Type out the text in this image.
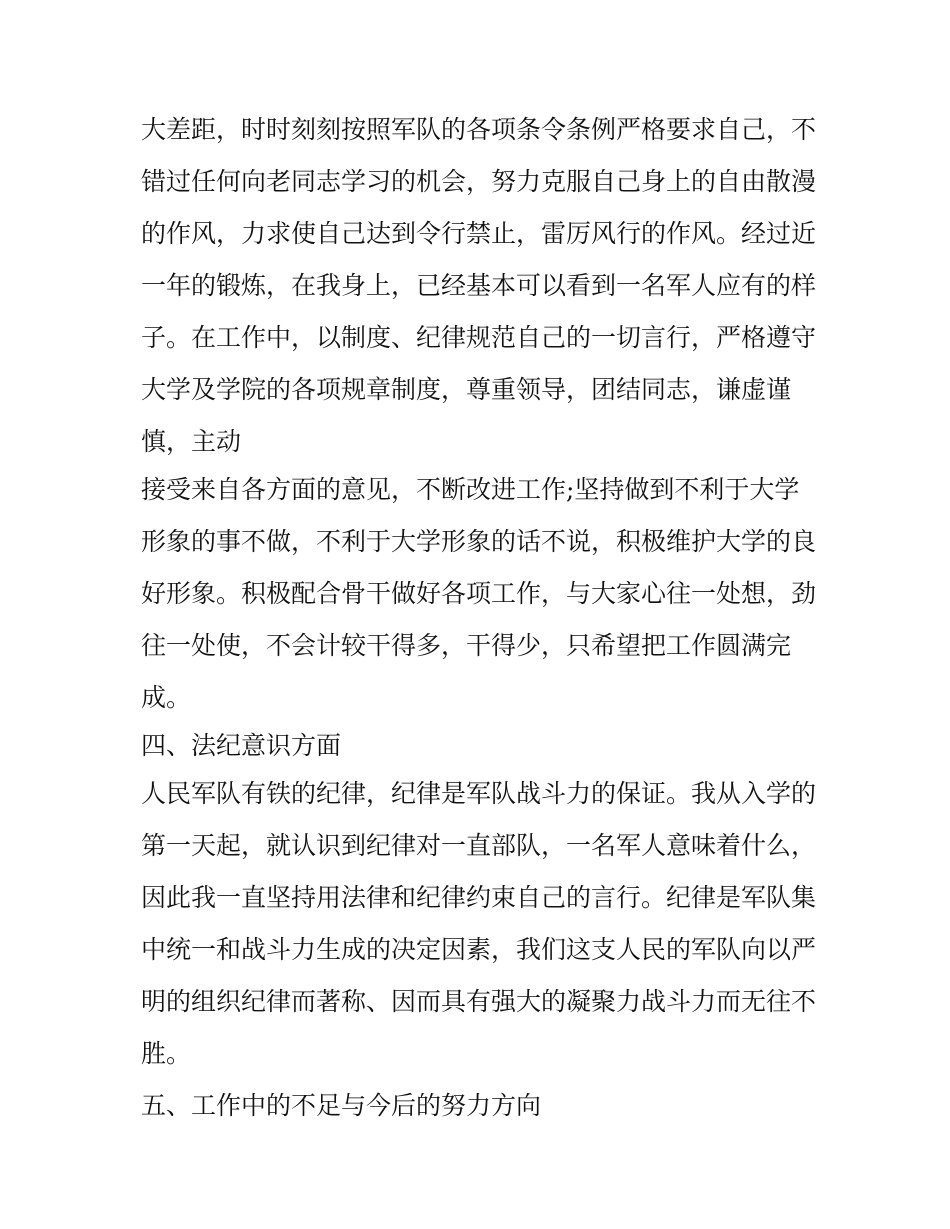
大差距，时时刻刻按照军队的各项条令条例严格要求自己，不
错过任何向老同志学习的机会，努力克服自己身上的自由散漫
的作风，力求使自己达到令行禁止，雷厉风行的作风。经过近
一年的锻炼，在我身上，已经基本可以看到一名军人应有的样
子。在工作中，以制度、纪律规范自己的一切言行，严格遵守
大学及学院的各项规章制度，尊重领导，团结同志，谦虚谨
慎，主动
接受来自各方面的意见，不断改进工作;坚持做到不利于大学
形象的事不做，不利于大学形象的话不说，积极维护大学的良
好形象。积极配合骨干做好各项工作，与大家心往一处想，劲
往一处使，不会计较干得多，干得少，只希望把工作圆满完
成。
四、法纪意识方面
人民军队有铁的纪律，纪律是军队战斗力的保证。我从入学的
第一天起，就认识到纪律对一直部队，一名军人意味着什么，
因此我一直坚持用法律和纪律约束自己的言行。纪律是军队集
中统一和战斗力生成的决定因素，我们这支人民的军队向以严
明的组织纪律而著称、因而具有强大的凝聚力战斗力而无往不
胜。
五、工作中的不足与今后的努力方向
